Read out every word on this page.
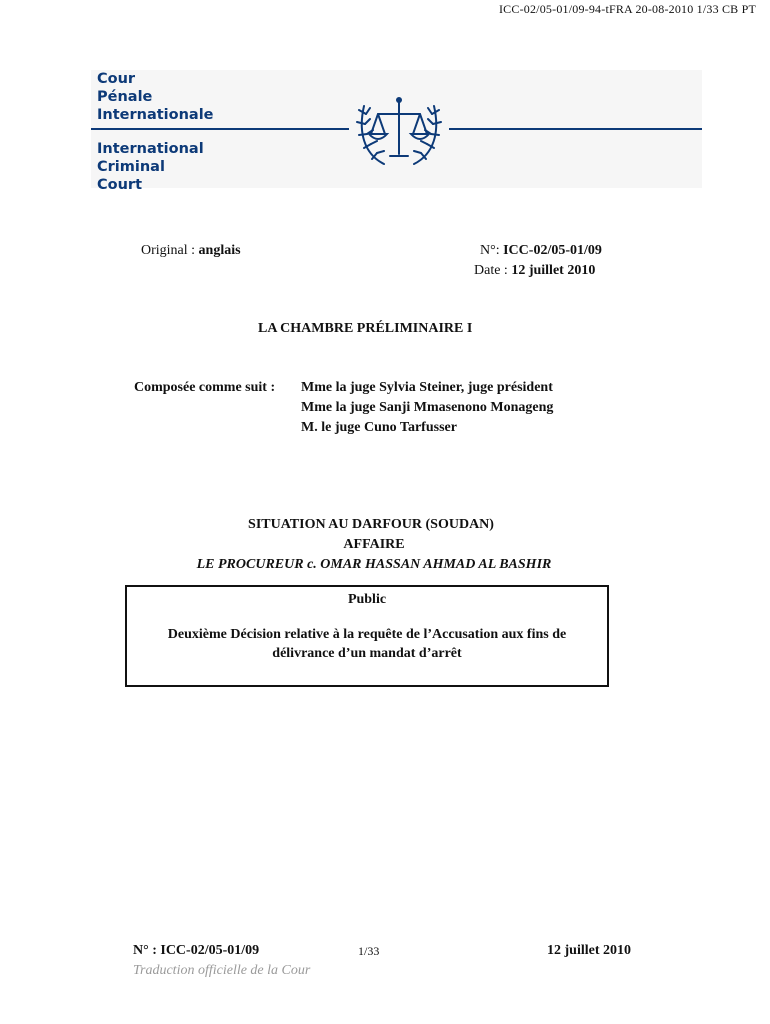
ICC-02/05-01/09-94-tFRA 20-08-2010 1/33 CB PT
Cour
Pénale
Internationale
International
Criminal
Court
Original : anglais	N°: ICC-02/05-01/09
Date : 12 juillet 2010
LA CHAMBRE PRÉLIMINAIRE I
Composée comme suit : Mme la juge Sylvia Steiner, juge président
Mme la juge Sanji Mmasenono Monageng
M. le juge Cuno Tarfusser
SITUATION AU DARFOUR (SOUDAN)
AFFAIRE
LE PROCUREUR c. OMAR HASSAN AHMAD AL BASHIR
Public
Deuxième Décision relative à la requête de l’Accusation aux fins de
délivrance d’un mandat d’arrêt
N° : ICC-02/05-01/09	1/33	12 juillet 2010
Traduction officielle de la Cour
